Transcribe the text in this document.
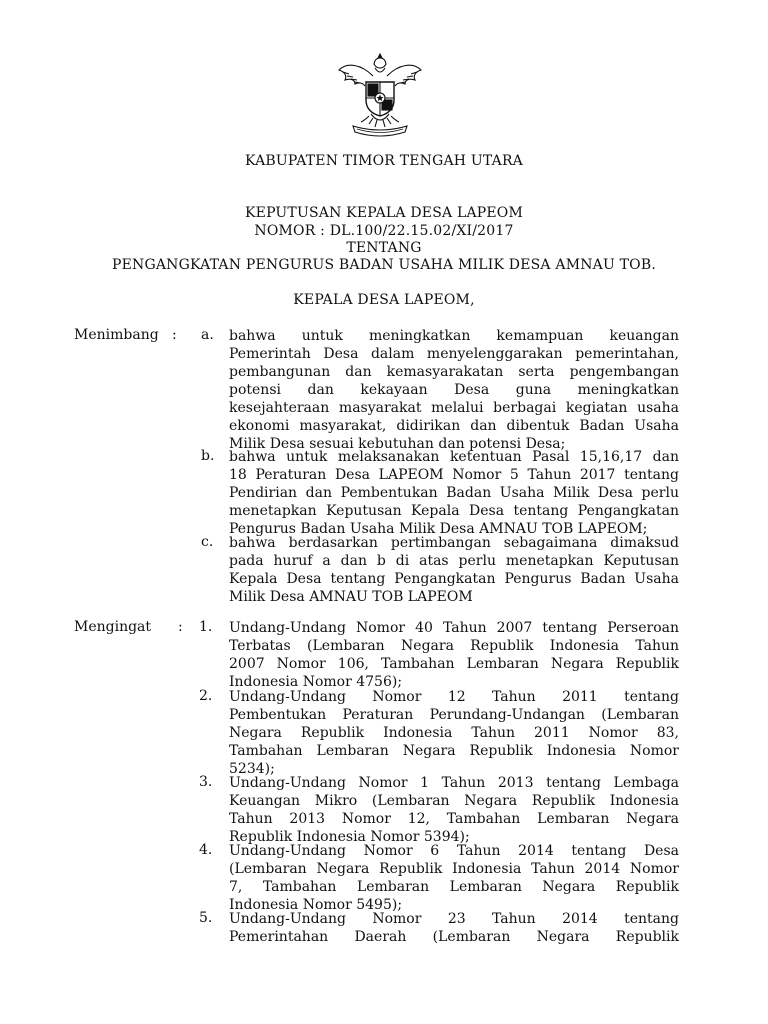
KABUPATEN TIMOR TENGAH UTARA
KEPUTUSAN KEPALA DESA LAPEOM
NOMOR : DL.100/22.15.02/XI/2017
TENTANG
PENGANGKATAN PENGURUS BADAN USAHA MILIK DESA AMNAU TOB.
KEPALA DESA LAPEOM,
Menimbang : a. bahwa untuk meningkatkan kemampuan keuangan
Pemerintah Desa dalam menyelenggarakan pemerintahan,
pembangunan dan kemasyarakatan serta pengembangan
potensi dan kekayaan Desa guna meningkatkan
kesejahteraan masyarakat melalui berbagai kegiatan usaha
ekonomi masyarakat, didirikan dan dibentuk Badan Usaha
Milik Desa sesuai kebutuhan dan potensi Desa;
b. bahwa untuk melaksanakan ketentuan Pasal 15,16,17 dan
18 Peraturan Desa LAPEOM Nomor 5 Tahun 2017 tentang
Pendirian dan Pembentukan Badan Usaha Milik Desa perlu
menetapkan Keputusan Kepala Desa tentang Pengangkatan
Pengurus Badan Usaha Milik Desa AMNAU TOB LAPEOM;
c. bahwa berdasarkan pertimbangan sebagaimana dimaksud
pada huruf a dan b di atas perlu menetapkan Keputusan
Kepala Desa tentang Pengangkatan Pengurus Badan Usaha
Milik Desa AMNAU TOB LAPEOM
Mengingat : 1. Undang-Undang Nomor 40 Tahun 2007 tentang Perseroan
Terbatas (Lembaran Negara Republik Indonesia Tahun
2007 Nomor 106, Tambahan Lembaran Negara Republik
Indonesia Nomor 4756);
2. Undang-Undang Nomor 12 Tahun 2011 tentang
Pembentukan Peraturan Perundang-Undangan (Lembaran
Negara Republik Indonesia Tahun 2011 Nomor 83,
Tambahan Lembaran Negara Republik Indonesia Nomor
5234);
3. Undang-Undang Nomor 1 Tahun 2013 tentang Lembaga
Keuangan Mikro (Lembaran Negara Republik Indonesia
Tahun 2013 Nomor 12, Tambahan Lembaran Negara
Republik Indonesia Nomor 5394);
4. Undang-Undang Nomor 6 Tahun 2014 tentang Desa
(Lembaran Negara Republik Indonesia Tahun 2014 Nomor
7, Tambahan Lembaran Lembaran Negara Republik
Indonesia Nomor 5495);
5. Undang-Undang Nomor 23 Tahun 2014 tentang
Pemerintahan Daerah (Lembaran Negara Republik
